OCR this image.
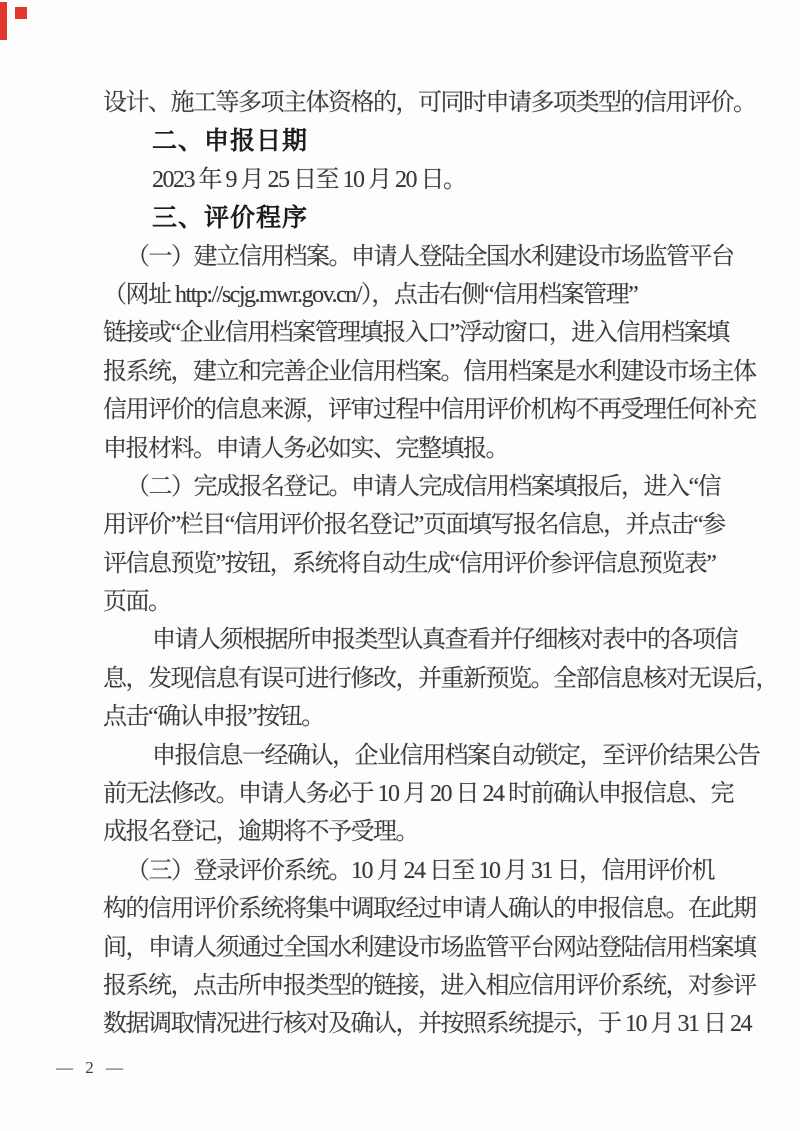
设计、施工等多项主体资格的，可同时申请多项类型的信用评价。
二、申报日期
2023 年 9 月 25 日至 10 月 20 日。
三、评价程序
（一）建立信用档案。申请人登陆全国水利建设市场监管平台
（网址 http://scjg.mwr.gov.cn/），点击右侧“信用档案管理”
链接或“企业信用档案管理填报入口”浮动窗口，进入信用档案填
报系统，建立和完善企业信用档案。信用档案是水利建设市场主体
信用评价的信息来源，评审过程中信用评价机构不再受理任何补充
申报材料。申请人务必如实、完整填报。
（二）完成报名登记。申请人完成信用档案填报后，进入“信
用评价”栏目“信用评价报名登记”页面填写报名信息，并点击“参
评信息预览”按钮，系统将自动生成“信用评价参评信息预览表”
页面。
申请人须根据所申报类型认真查看并仔细核对表中的各项信
息，发现信息有误可进行修改，并重新预览。全部信息核对无误后，
点击“确认申报”按钮。
申报信息一经确认，企业信用档案自动锁定，至评价结果公告
前无法修改。申请人务必于 10 月 20 日 24 时前确认申报信息、完
成报名登记，逾期将不予受理。
（三）登录评价系统。10 月 24 日至 10 月 31 日，信用评价机
构的信用评价系统将集中调取经过申请人确认的申报信息。在此期
间，申请人须通过全国水利建设市场监管平台网站登陆信用档案填
报系统，点击所申报类型的链接，进入相应信用评价系统，对参评
数据调取情况进行核对及确认，并按照系统提示，于 10 月 31 日 24
— 2 —
